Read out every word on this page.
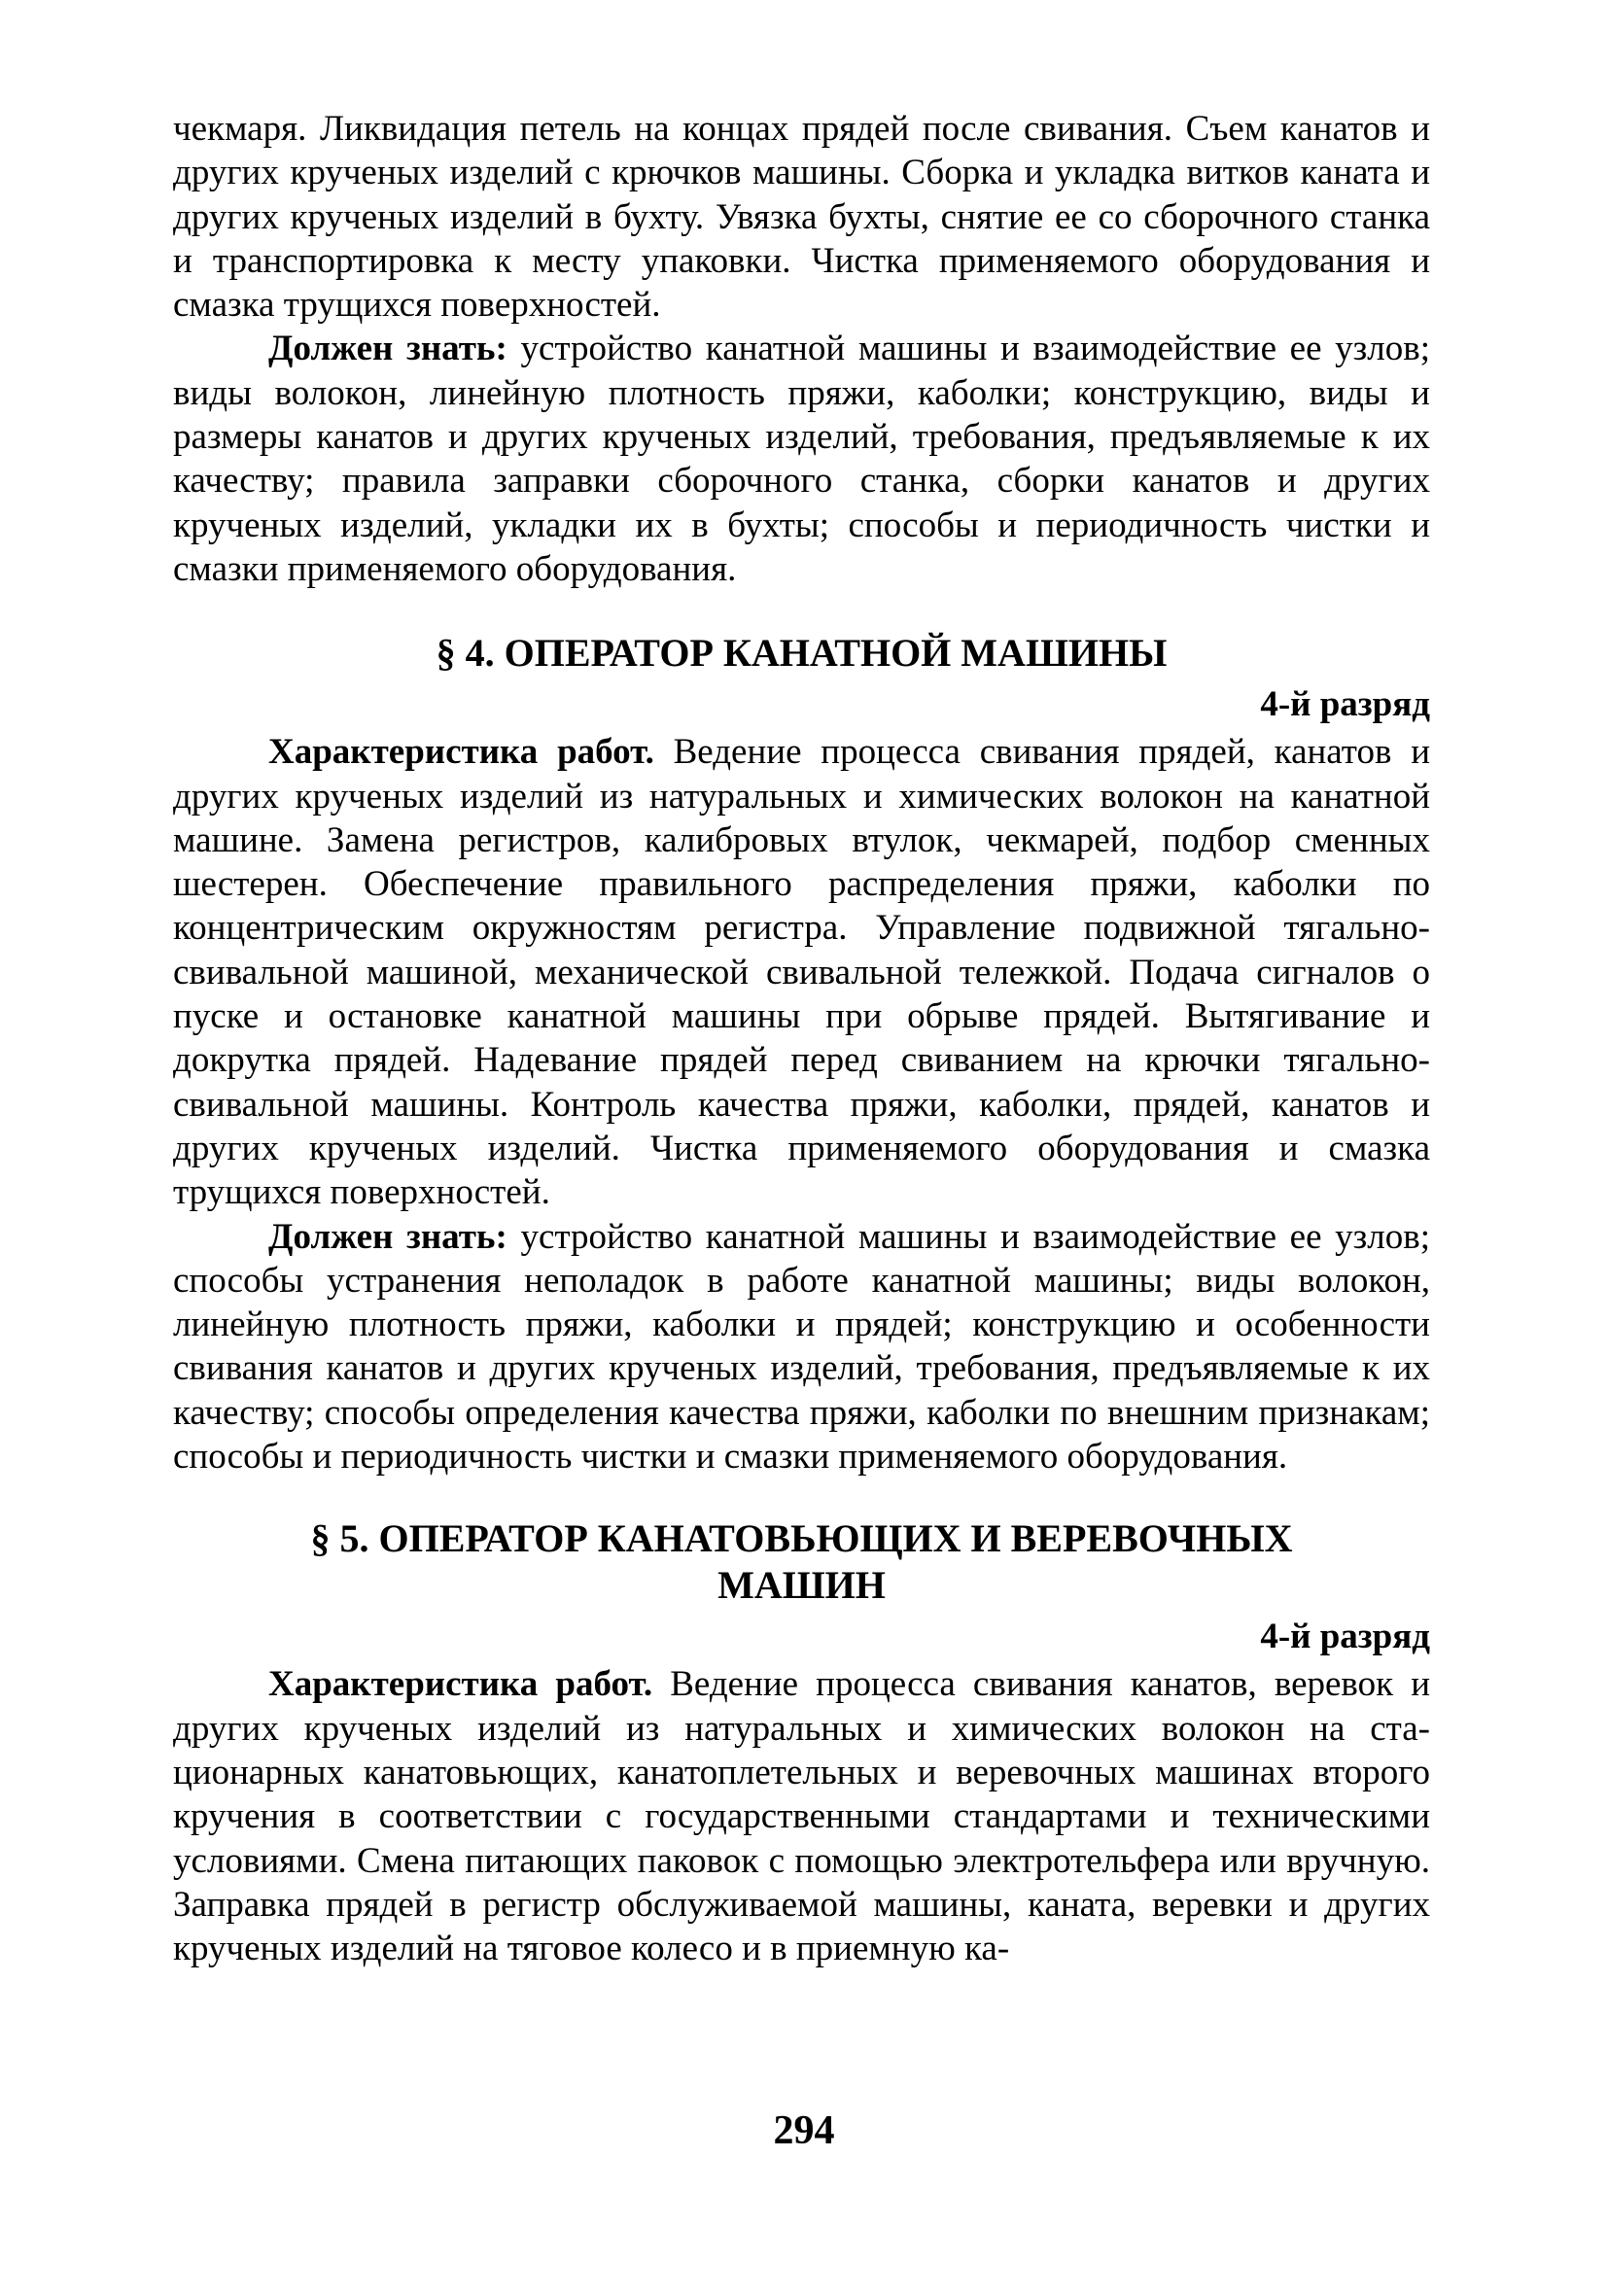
чекмаря. Ликвидация петель на концах прядей после свивания. Съем канатов и других крученых изделий с крючков машины. Сборка и укладка витков каната и других крученых изделий в бухту. Увязка бухты, снятие ее со сборочного станка и транспортировка к месту упаковки. Чистка применяемого оборудования и смазка трущихся поверхностей.

Должен знать: устройство канатной машины и взаимодействие ее узлов; виды волокон, линейную плотность пряжи, каболки; конструкцию, виды и размеры канатов и других крученых изделий, требования, предъявляемые к их качеству; правила заправки сборочного станка, сборки канатов и других крученых изделий, укладки их в бухты; способы и периодичность чистки и смазки применяемого оборудования.

§ 4. ОПЕРАТОР КАНАТНОЙ МАШИНЫ
4-й разряд

Характеристика работ. Ведение процесса свивания прядей, канатов и других крученых изделий из натуральных и химических волокон на канатной машине. Замена регистров, калибровых втулок, чекмарей, подбор сменных шестерен. Обеспечение правильного распределения пряжи, каболки по концентрическим окружностям регистра. Управление подвижной тягально-свивальной машиной, механической свивальной тележкой. Подача сигналов о пуске и остановке канатной машины при обрыве прядей. Вытягивание и докрутка прядей. Надевание прядей перед свиванием на крючки тягально-свивальной машины. Контроль качества пряжи, каболки, прядей, канатов и других крученых изделий. Чистка применяемого оборудования и смазка трущихся поверхностей.

Должен знать: устройство канатной машины и взаимодействие ее узлов; способы устранения неполадок в работе канатной машины; виды волокон, линейную плотность пряжи, каболки и прядей; конструкцию и особенности свивания канатов и других крученых изделий, требования, предъявляемые к их качеству; способы определения качества пряжи, каболки по внешним признакам; способы и периодичность чистки и смазки применяемого оборудования.

§ 5. ОПЕРАТОР КАНАТОВЬЮЩИХ И ВЕРЕВОЧНЫХ
МАШИН
4-й разряд

Характеристика работ. Ведение процесса свивания канатов, веревок и других крученых изделий из натуральных и химических волокон на стационарных канатовьющих, канатоплетельных и веревочных машинах второго кручения в соответствии с государственными стандартами и техническими условиями. Смена питающих паковок с помощью электротельфера или вручную. Заправка прядей в регистр обслуживаемой машины, каната, веревки и других крученых изделий на тяговое колесо и в приемную ка-

294
